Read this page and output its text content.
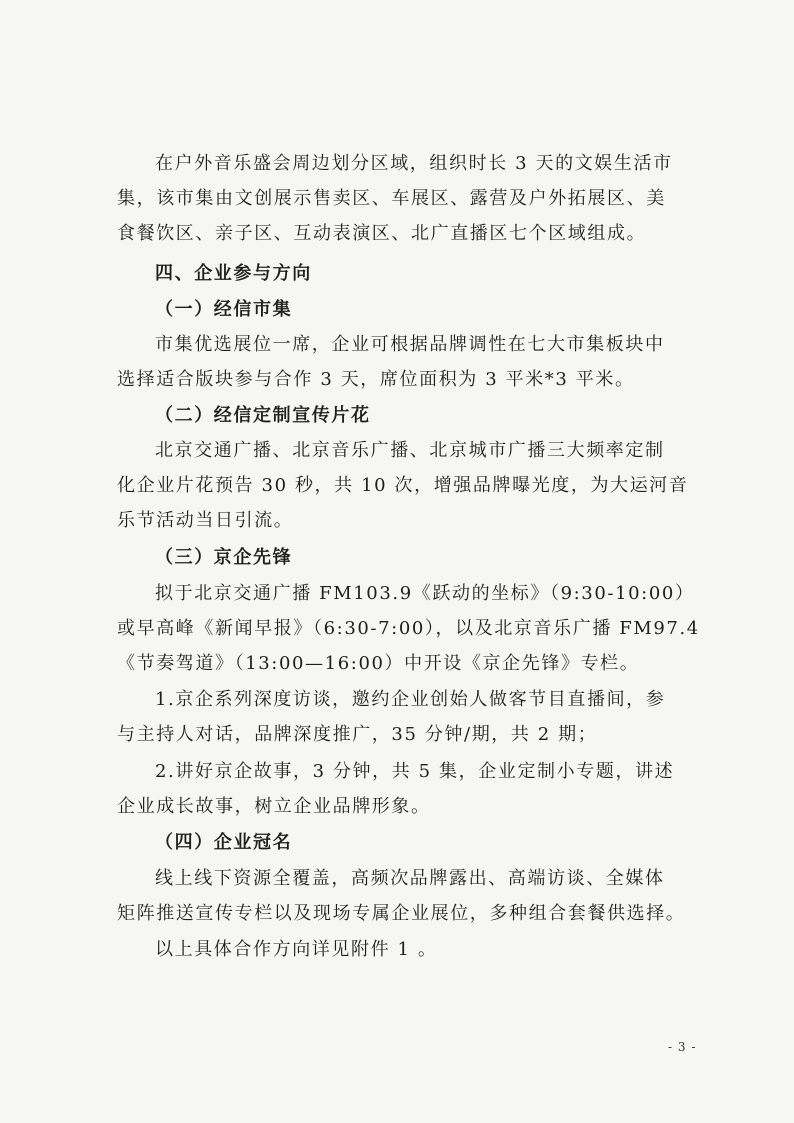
在户外音乐盛会周边划分区域，组织时长 3 天的文娱生活市
集，该市集由文创展示售卖区、车展区、露营及户外拓展区、美
食餐饮区、亲子区、互动表演区、北广直播区七个区域组成。
四、企业参与方向
（一）经信市集
市集优选展位一席，企业可根据品牌调性在七大市集板块中
选择适合版块参与合作 3 天，席位面积为 3 平米*3 平米。
（二）经信定制宣传片花
北京交通广播、北京音乐广播、北京城市广播三大频率定制
化企业片花预告 30 秒，共 10 次，增强品牌曝光度，为大运河音
乐节活动当日引流。
（三）京企先锋
拟于北京交通广播 FM103.9《跃动的坐标》（9:30-10:00）
或早高峰《新闻早报》（6:30-7:00），以及北京音乐广播 FM97.4
《节奏驾道》（13:00—16:00）中开设《京企先锋》专栏。
1.京企系列深度访谈，邀约企业创始人做客节目直播间，参
与主持人对话，品牌深度推广，35 分钟/期，共 2 期；
2.讲好京企故事，3 分钟，共 5 集，企业定制小专题，讲述
企业成长故事，树立企业品牌形象。
（四）企业冠名
线上线下资源全覆盖，高频次品牌露出、高端访谈、全媒体
矩阵推送宣传专栏以及现场专属企业展位，多种组合套餐供选择。
以上具体合作方向详见附件 1 。
- 3 -
